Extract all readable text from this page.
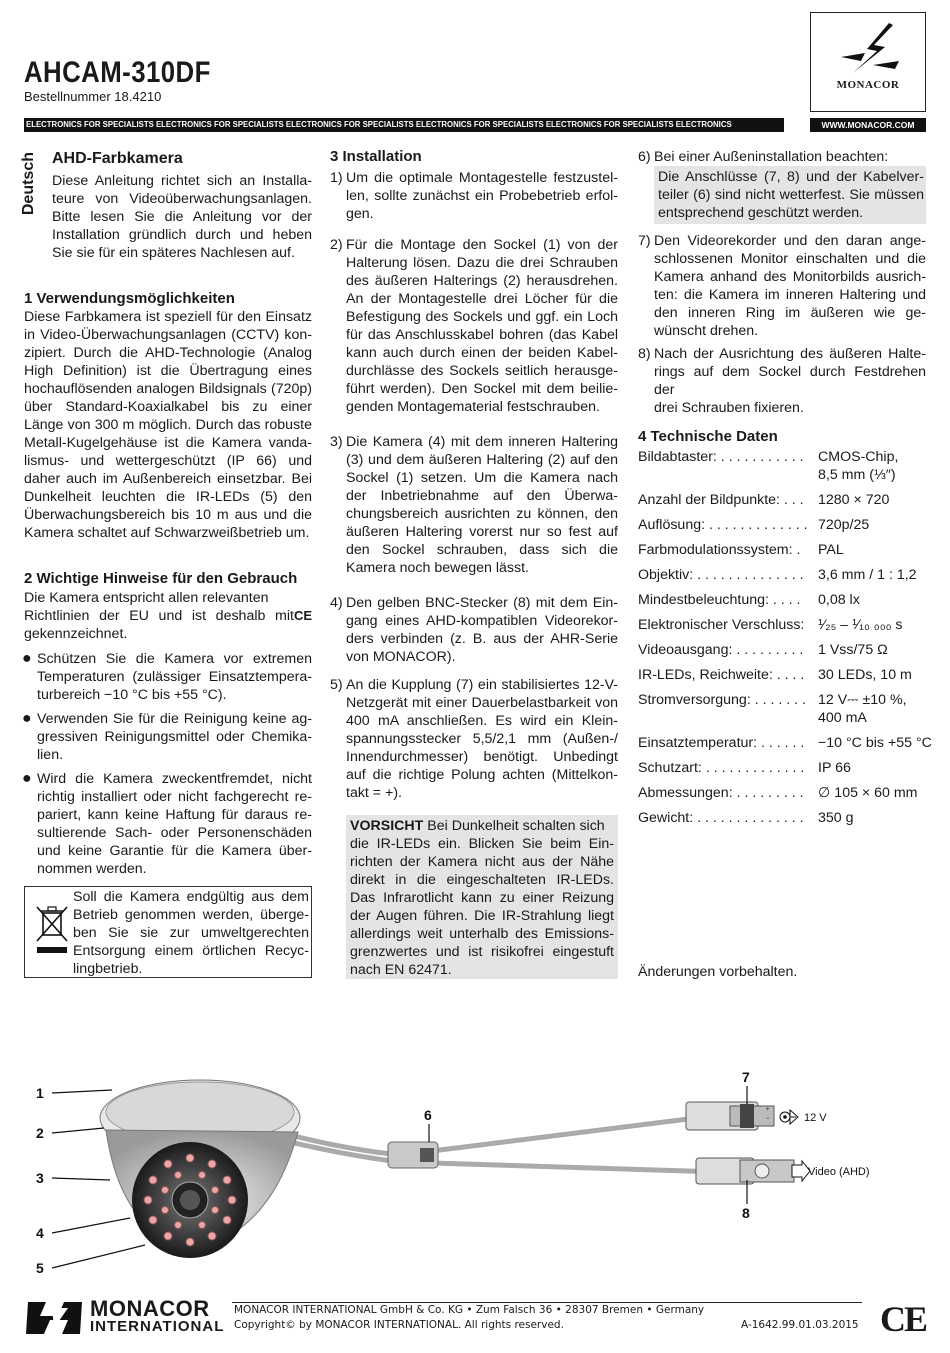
AHCAM-310DF
Bestellnummer 18.4210
MONACOR
ELECTRONICS FOR SPECIALISTS ELECTRONICS FOR SPECIALISTS ELECTRONICS FOR SPECIALISTS ELECTRONICS FOR SPECIALISTS ELECTRONICS FOR SPECIALISTS ELECTRONICS	WWW.MONACOR.COM
Deutsch AHD-Farbkamera
Diese Anleitung richtet sich an Installa-
teure von Videoüberwachungsanlagen.
Bitte lesen Sie die Anleitung vor der
Installation gründlich durch und heben
Sie sie für ein späteres Nachlesen auf.
1 Verwendungsmöglichkeiten
Diese Farbkamera ist speziell für den Einsatz
in Video-Überwachungsanlagen (CCTV) kon-
zipiert. Durch die AHD-Technologie (Analog
High Definition) ist die Übertragung eines
hochauflösenden analogen Bildsignals (720p)
über Standard-Koaxialkabel bis zu einer
Länge von 300 m möglich. Durch das robuste
Metall-Kugelgehäuse ist die Kamera vanda-
lismus- und wettergeschützt (IP 66) und
daher auch im Außenbereich einsetzbar. Bei
Dunkelheit leuchten die IR-LEDs (5) den
Überwachungsbereich bis 10 m aus und die
Kamera schaltet auf Schwarzweißbetrieb um.
2 Wichtige Hinweise für den Gebrauch
Die Kamera entspricht allen relevanten
Richtlinien der EU und ist deshalb mit CE
gekennzeichnet.
● Schützen Sie die Kamera vor extremen
Temperaturen (zulässiger Einsatztempera-
turbereich −10 °C bis +55 °C).
● Verwenden Sie für die Reinigung keine ag-
gressiven Reinigungsmittel oder Chemika-
lien.
● Wird die Kamera zweckentfremdet, nicht
richtig installiert oder nicht fachgerecht re-
pariert, kann keine Haftung für daraus re-
sultierende Sach- oder Personenschäden
und keine Garantie für die Kamera über-
nommen werden.
Soll die Kamera endgültig aus dem
Betrieb genommen werden, überge-
ben Sie sie zur umweltgerechten
Entsorgung einem örtlichen Recyc-
lingbetrieb.
3 Installation
1) Um die optimale Montagestelle festzustel-
len, sollte zunächst ein Probebetrieb erfol-
gen.
2) Für die Montage den Sockel (1) von der
Halterung lösen. Dazu die drei Schrauben
des äußeren Halterings (2) herausdrehen.
An der Montagestelle drei Löcher für die
Befestigung des Sockels und ggf. ein Loch
für das Anschlusskabel bohren (das Kabel
kann auch durch einen der beiden Kabel-
durchlässe des Sockels seitlich herausge-
führt werden). Den Sockel mit dem beilie-
genden Montagematerial festschrauben.
3) Die Kamera (4) mit dem inneren Haltering
(3) und dem äußeren Haltering (2) auf den
Sockel (1) setzen. Um die Kamera nach
der Inbetriebnahme auf den Überwa-
chungsbereich ausrichten zu können, den
äußeren Haltering vorerst nur so fest auf
den Sockel schrauben, dass sich die
Kamera noch bewegen lässt.
4) Den gelben BNC-Stecker (8) mit dem Ein-
gang eines AHD-kompatiblen Videorekor-
ders verbinden (z. B. aus der AHR-Serie
von MONACOR).
5) An die Kupplung (7) ein stabilisiertes 12-V-
Netzgerät mit einer Dauerbelastbarkeit von
400 mA anschließen. Es wird ein Klein-
spannungsstecker 5,5/2,1 mm (Außen-/
Innendurchmesser) benötigt. Unbedingt
auf die richtige Polung achten (Mittelkon-
takt = +).
VORSICHT Bei Dunkelheit schalten sich
die IR-LEDs ein. Blicken Sie beim Ein-
richten der Kamera nicht aus der Nähe
direkt in die eingeschalteten IR-LEDs.
Das Infrarotlicht kann zu einer Reizung
der Augen führen. Die IR-Strahlung liegt
allerdings weit unterhalb des Emissions-
grenzwertes und ist risikofrei eingestuft
nach EN 62471.
6) Bei einer Außeninstallation beachten:
Die Anschlüsse (7, 8) und der Kabelver-
teiler (6) sind nicht wetterfest. Sie müssen
entsprechend geschützt werden.
7) Den Videorekorder und den daran ange-
schlossenen Monitor einschalten und die
Kamera anhand des Monitorbilds ausrich-
ten: die Kamera im inneren Haltering und
den inneren Ring im äußeren wie ge-
wünscht drehen.
8) Nach der Ausrichtung des äußeren Halte-
rings auf dem Sockel durch Festdrehen der
drei Schrauben fixieren.
4 Technische Daten
Bildabtaster: . . . . . . . . . . . CMOS-Chip,
8,5 mm (⅓″)
Anzahl der Bildpunkte: . . . 1280 × 720
Auflösung: . . . . . . . . . . . . . 720p/25
Farbmodulationssystem: . PAL
Objektiv: . . . . . . . . . . . . . . 3,6 mm / 1 : 1,2
Mindestbeleuchtung: . . . . 0,08 lx
Elektronischer Verschluss: ¹⁄₂₅ – ¹⁄₁₀ ₀₀₀ s
Videoausgang: . . . . . . . . . 1 Vss/75 Ω
IR-LEDs, Reichweite: . . . . 30 LEDs, 10 m
Stromversorgung: . . . . . . . 12 V⎓ ±10 %,
400 mA
Einsatztemperatur: . . . . . . −10 °C bis +55 °C
Schutzart: . . . . . . . . . . . . . IP 66
Abmessungen: . . . . . . . . . ∅ 105 × 60 mm
Gewicht: . . . . . . . . . . . . . . 350 g
Änderungen vorbehalten.
+
−	12 V
Video (AHD)
1
2
3
4
5
6
7
8
MONACOR
INTERNATIONAL
MONACOR INTERNATIONAL GmbH & Co. KG • Zum Falsch 36 • 28307 Bremen • Germany
Copyright© by MONACOR INTERNATIONAL. All rights reserved.	A-1642.99.01.03.2015 CE
